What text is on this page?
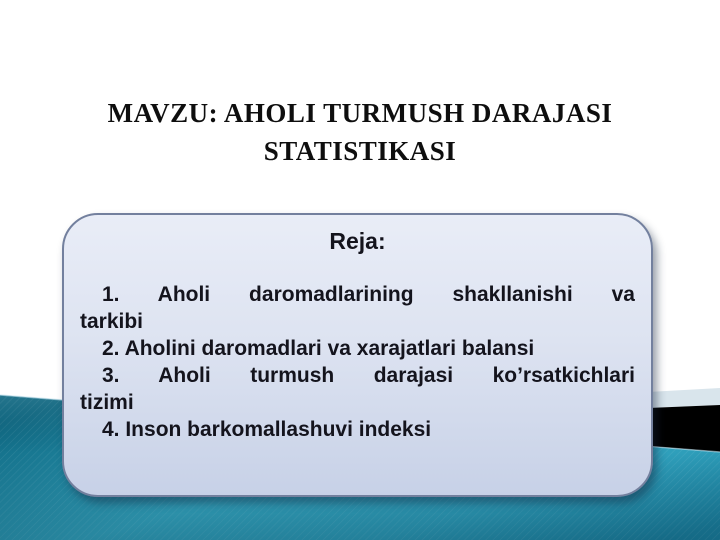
MAVZU: AHOLI TURMUSH DARAJASI
STATISTIKASI
Reja:
1. Aholi daromadlarining shakllanishi va
tarkibi
2. Aholini daromadlari va xarajatlari balansi
3. Aholi turmush darajasi ko’rsatkichlari
tizimi
4. Inson barkomallashuvi indeksi
